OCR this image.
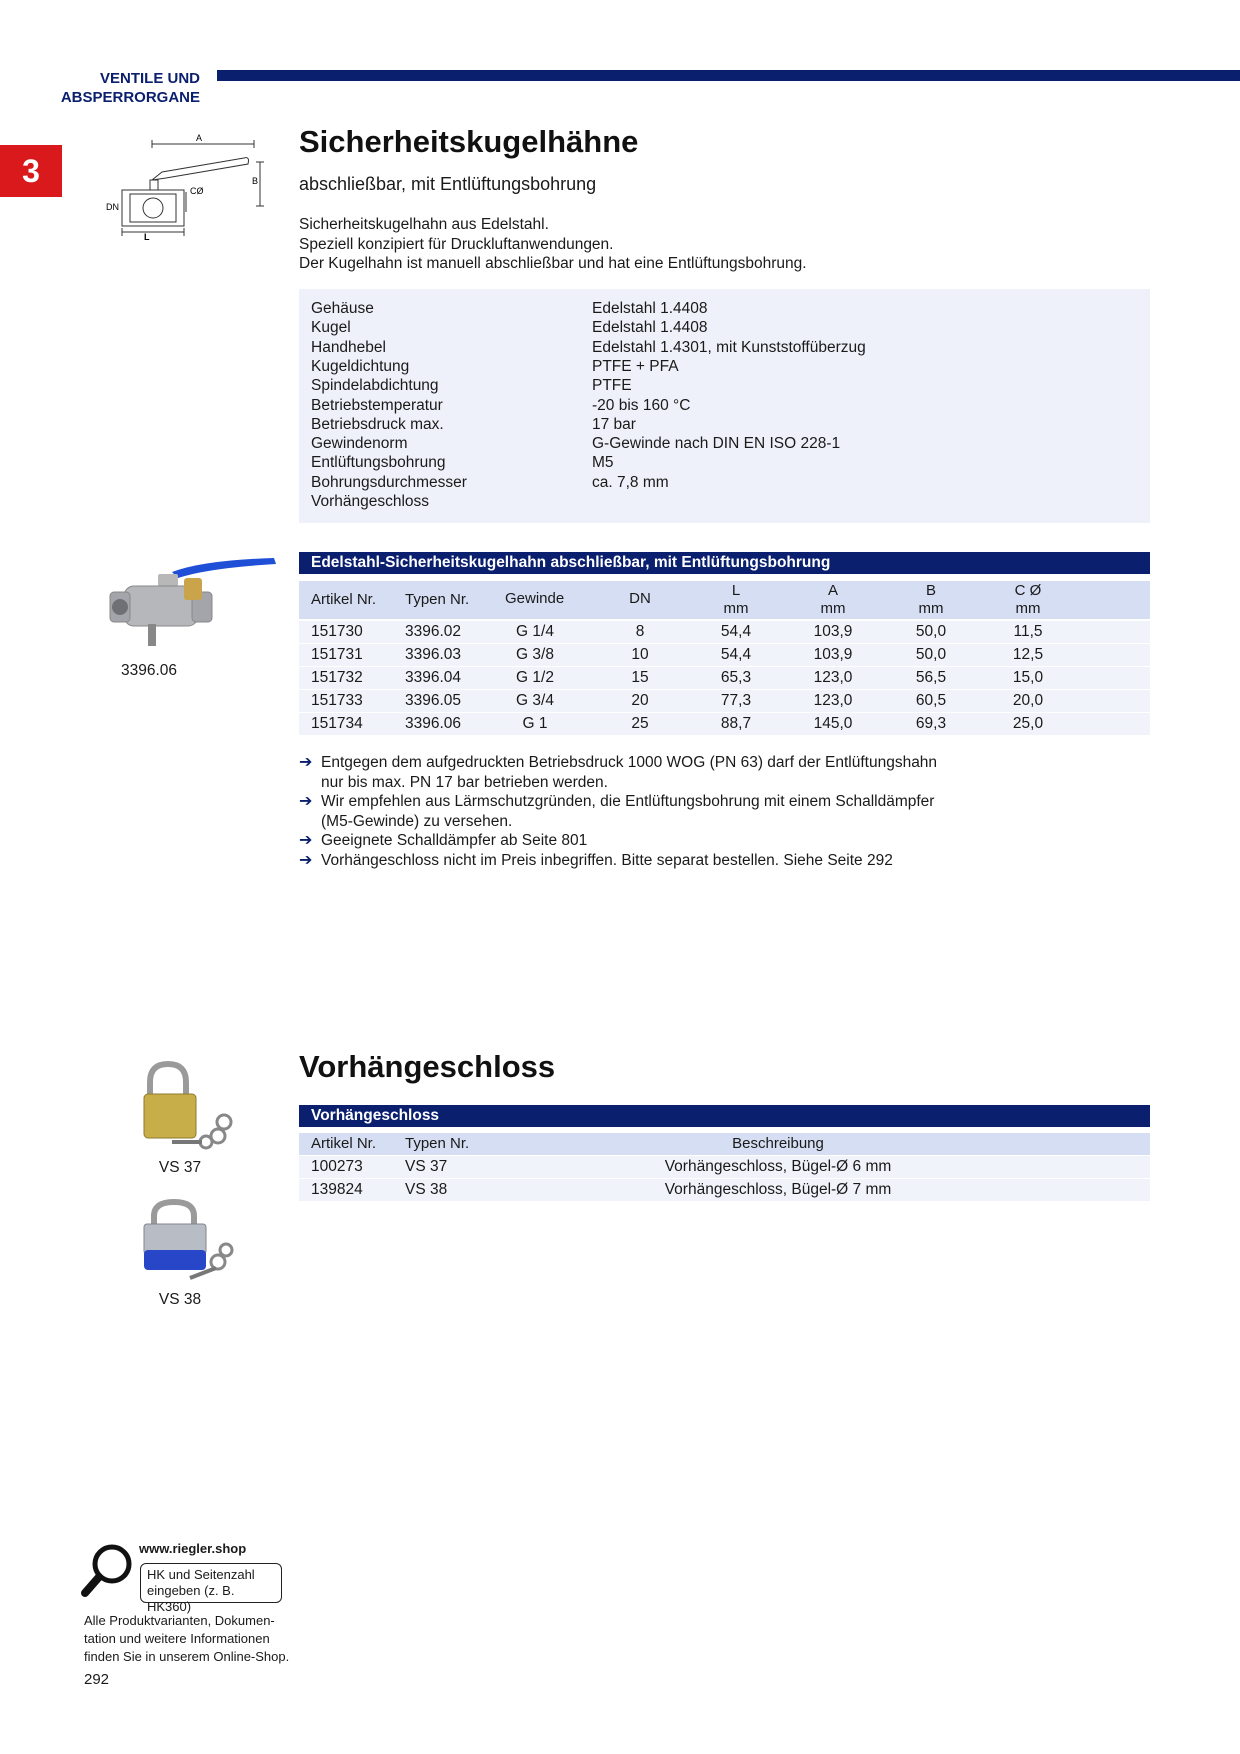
VENTILE UND
ABSPERRORGANE
3
A
B
CØ
DN
L
Sicherheitskugelhähne
abschließbar, mit Entlüftungsbohrung
Sicherheitskugelhahn aus Edelstahl.
Speziell konzipiert für Druckluftanwendungen.
Der Kugelhahn ist manuell abschließbar und hat eine Entlüftungsbohrung.
Gehäuse	Edelstahl 1.4408
Kugel	Edelstahl 1.4408
Handhebel	Edelstahl 1.4301, mit Kunststoffüberzug
Kugeldichtung	PTFE + PFA
Spindelabdichtung	PTFE
Betriebstemperatur	-20 bis 160 °C
Betriebsdruck max.	17 bar
Gewindenorm	G-Gewinde nach DIN EN ISO 228-1
Entlüftungsbohrung	M5
Bohrungsdurchmesser	ca. 7,8 mm
Vorhängeschloss
3396.06
Edelstahl-Sicherheitskugelhahn abschließbar, mit Entlüftungsbohrung
Artikel Nr. Typen Nr. Gewinde	DN	L	A	B	C Ø
mm	mm	mm	mm
151730	3396.02	G 1/4	8	54,4	103,9	50,0	11,5
151731	3396.03	G 3/8	10	54,4	103,9	50,0	12,5
151732	3396.04	G 1/2	15	65,3	123,0	56,5	15,0
151733	3396.05	G 3/4	20	77,3	123,0	60,5	20,0
151734	3396.06	G 1	25	88,7	145,0	69,3	25,0
➔ Entgegen dem aufgedruckten Betriebsdruck 1000 WOG (PN 63) darf der Entlüftungshahn
nur bis max. PN 17 bar betrieben werden.
➔ Wir empfehlen aus Lärmschutzgründen, die Entlüftungsbohrung mit einem Schalldämpfer
(M5-Gewinde) zu versehen.
➔ Geeignete Schalldämpfer ab Seite 801
➔ Vorhängeschloss nicht im Preis inbegriffen. Bitte separat bestellen. Siehe Seite 292
Vorhängeschloss
VS 37
VS 38
Vorhängeschloss
Artikel Nr. Typen Nr.	Beschreibung
100273	VS 37	Vorhängeschloss, Bügel-Ø 6 mm
139824	VS 38	Vorhängeschloss, Bügel-Ø 7 mm
www.riegler.shop
HK und Seitenzahl
eingeben (z. B. HK360)
Alle Produktvarianten, Dokumen-
tation und weitere Informationen
finden Sie in unserem Online-Shop.
292
